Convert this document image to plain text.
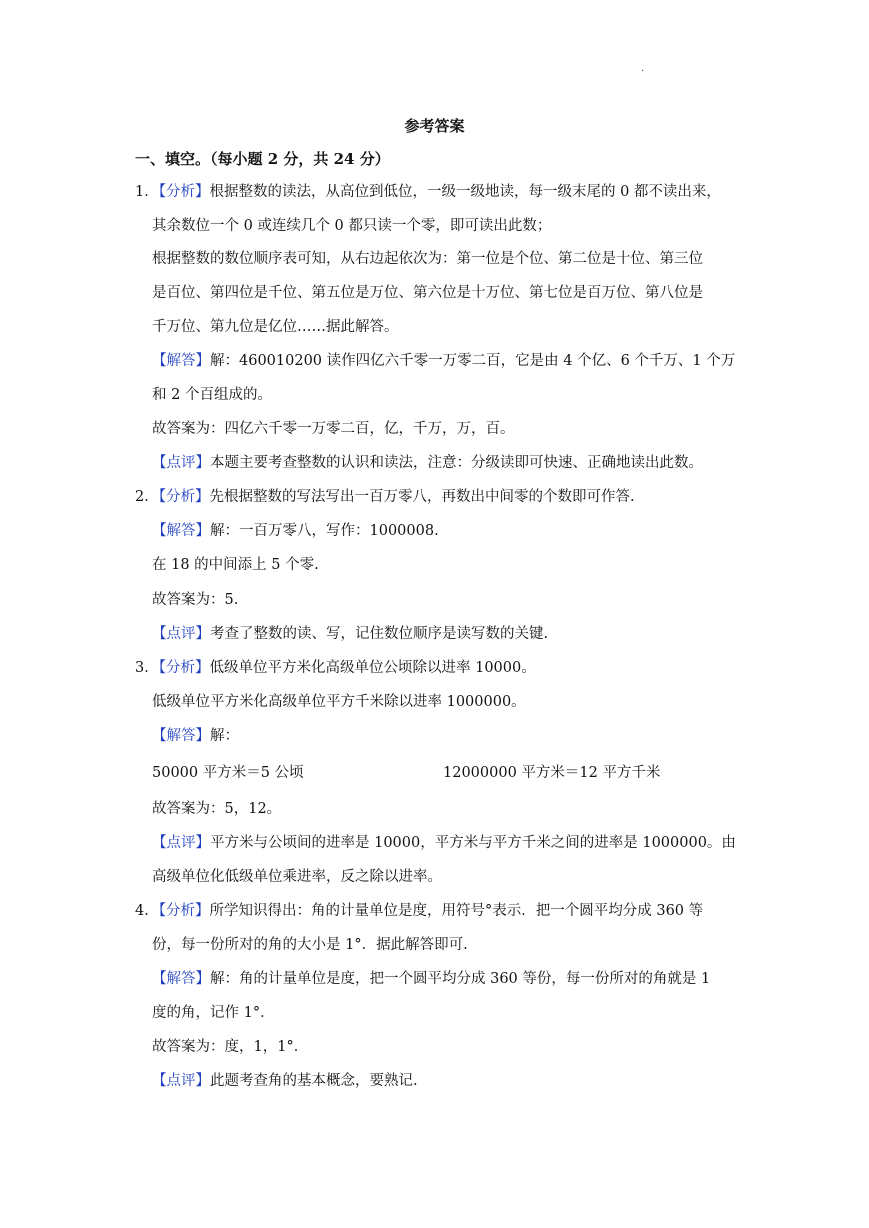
·
参考答案
一、填空。（每小题 2 分，共 24 分）
1．【分析】根据整数的读法，从高位到低位，一级一级地读，每一级末尾的 0 都不读出来，
其余数位一个 0 或连续几个 0 都只读一个零，即可读出此数；
根据整数的数位顺序表可知，从右边起依次为：第一位是个位、第二位是十位、第三位
是百位、第四位是千位、第五位是万位、第六位是十万位、第七位是百万位、第八位是
千万位、第九位是亿位……据此解答。
【解答】解：460010200 读作四亿六千零一万零二百，它是由 4 个亿、6 个千万、1 个万
和 2 个百组成的。
故答案为：四亿六千零一万零二百，亿，千万，万，百。
【点评】本题主要考查整数的认识和读法，注意：分级读即可快速、正确地读出此数。
2．【分析】先根据整数的写法写出一百万零八，再数出中间零的个数即可作答.
【解答】解：一百万零八，写作：1000008.
在 18 的中间添上 5 个零.
故答案为：5.
【点评】考查了整数的读、写，记住数位顺序是读写数的关键.
3．【分析】低级单位平方米化高级单位公顷除以进率 10000。
低级单位平方米化高级单位平方千米除以进率 1000000。
【解答】解：
50000 平方米＝5 公顷	12000000 平方米＝12 平方千米
故答案为：5，12。
【点评】平方米与公顷间的进率是 10000，平方米与平方千米之间的进率是 1000000。由
高级单位化低级单位乘进率，反之除以进率。
4．【分析】所学知识得出：角的计量单位是度，用符号°表示．把一个圆平均分成 360 等
份，每一份所对的角的大小是 1°．据此解答即可.
【解答】解：角的计量单位是度，把一个圆平均分成 360 等份，每一份所对的角就是 1
度的角，记作 1°．
故答案为：度，1，1°．
【点评】此题考查角的基本概念，要熟记.
